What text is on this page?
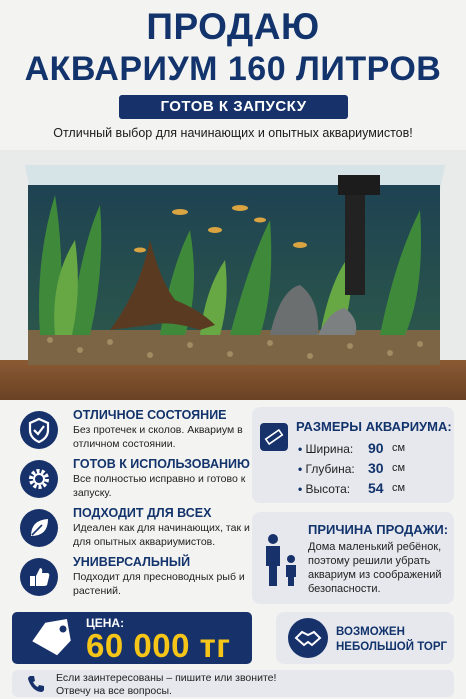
ПРОДАЮ
АКВАРИУМ 160 ЛИТРОВ
ГОТОВ К ЗАПУСКУ
Отличный выбор для начинающих и опытных аквариумистов!
ОТЛИЧНОЕ СОСТОЯНИЕ
Без протечек и сколов. Аквариум в отличном состоянии.
ГОТОВ К ИСПОЛЬЗОВАНИЮ
Все полностью исправно и готово к запуску.
ПОДХОДИТ ДЛЯ ВСЕХ
Идеален как для начинающих, так и для опытных аквариумистов.
УНИВЕРСАЛЬНЫЙ
Подходит для пресноводных рыб и растений.
РАЗМЕРЫ АКВАРИУМА:
• Ширина: 90 см
• Глубина: 30 см
• Высота: 54 см
ПРИЧИНА ПРОДАЖИ:
Дома маленький ребёнок, поэтому решили убрать аквариум из соображений безопасности.
ЦЕНА:
60 000 тг	ВОЗМОЖЕН
НЕБОЛЬШОЙ ТОРГ
Если заинтересованы – пишите или звоните!
Отвечу на все вопросы.
